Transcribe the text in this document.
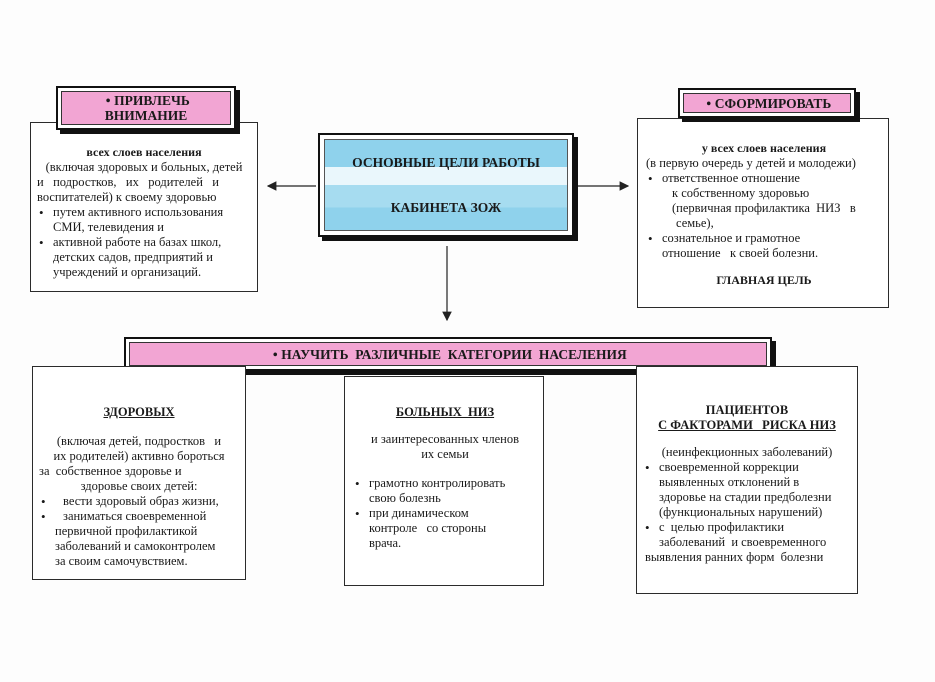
ОСНОВНЫЕ ЦЕЛИ РАБОТЫ
КАБИНЕТА ЗОЖ
всех слоев населения
(включая здоровых и больных, детей
и   подростков,   их   родителей   и
воспитателей) к своему здоровью
• путем активного использования
СМИ, телевидения и
• активной работе на базах школ,
детских садов, предприятий и
учреждений и организаций.
• ПРИВЛЕЧЬ
ВНИМАНИЕ
у всех слоев населения
(в первую очередь у детей и молодежи)
• ответственное отношение
к собственному здоровью
(первичная профилактика  НИЗ   в
семье),
• сознательное и грамотное
отношение   к своей болезни.
ГЛАВНАЯ ЦЕЛЬ
• СФОРМИРОВАТЬ
• НАУЧИТЬ  РАЗЛИЧНЫЕ  КАТЕГОРИИ  НАСЕЛЕНИЯ
ЗДОРОВЫХ
(включая детей, подростков   и
их родителей) активно бороться
за  собственное здоровье и
здоровье своих детей:
• вести здоровый образ жизни,
• заниматься своевременной
первичной профилактикой
заболеваний и самоконтролем
за своим самочувствием.
БОЛЬНЫХ  НИЗ
и заинтересованных членов
их семьи
• грамотно контролировать
свою болезнь
• при динамическом
контроле   со стороны
врача.
ПАЦИЕНТОВ
С ФАКТОРАМИ   РИСКА НИЗ
(неинфекционных заболеваний)
• своевременной коррекции
выявленных отклонений в
здоровье на стадии предболезни
(функциональных нарушений)
• с  целью профилактики
заболеваний  и своевременного
выявления ранних форм  болезни
